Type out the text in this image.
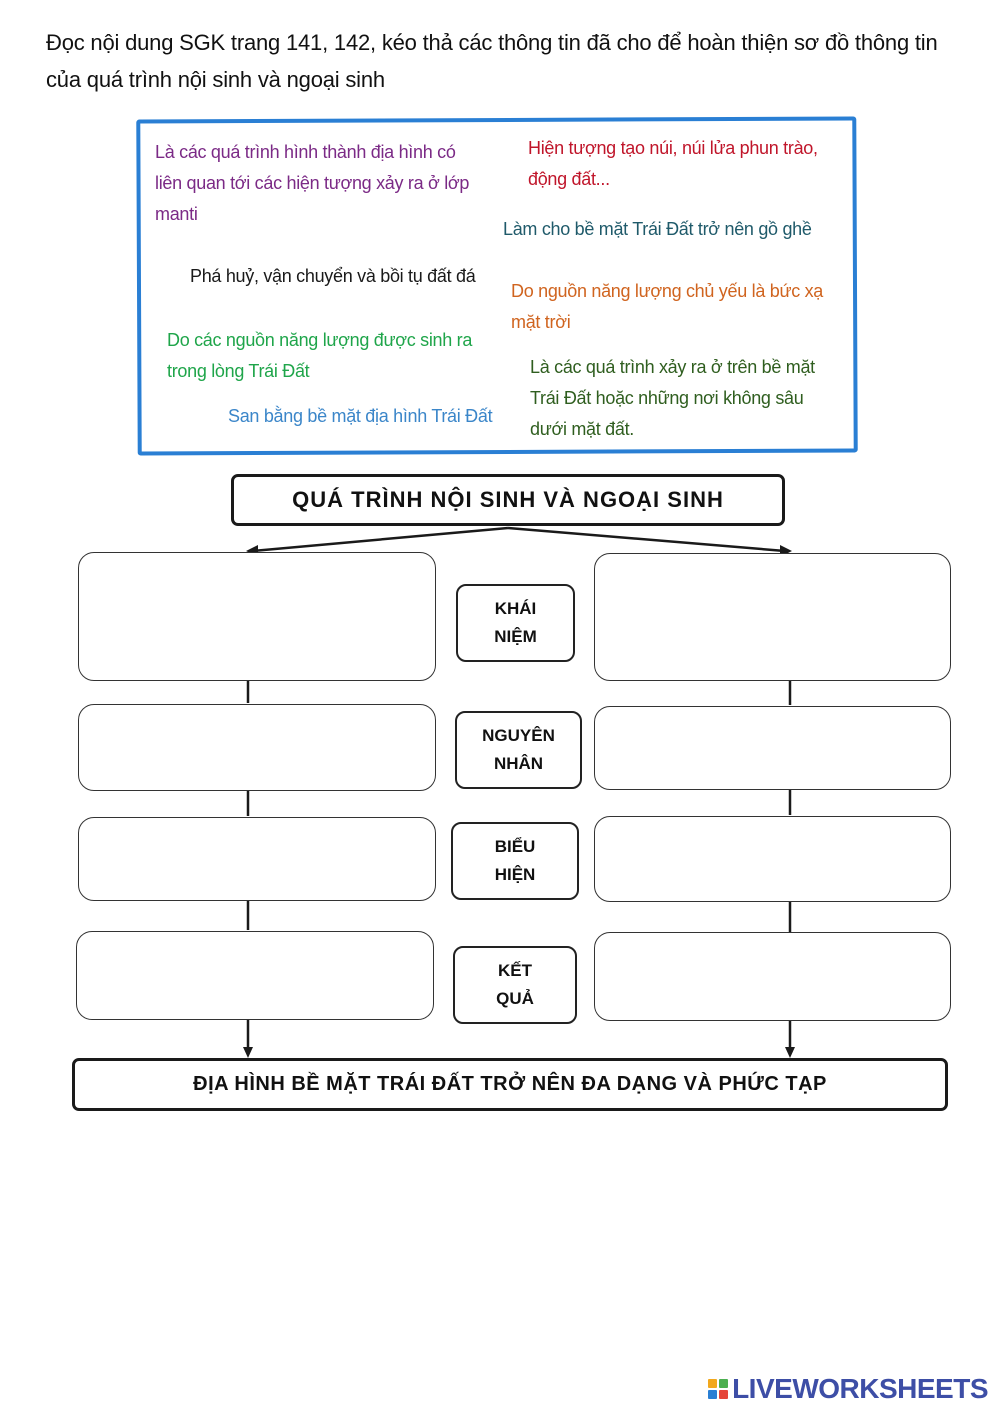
Đọc nội dung SGK trang 141, 142, kéo thả các thông tin đã cho để hoàn thiện sơ đồ thông tin của quá trình nội sinh và ngoại sinh
Là các quá trình hình thành địa hình có liên quan tới các hiện tượng xảy ra ở lớp manti
Hiện tượng tạo núi, núi lửa phun trào, động đất...
Làm cho bề mặt Trái Đất trở nên gồ ghề
Phá huỷ, vận chuyển và bồi tụ đất đá
Do nguồn năng lượng chủ yếu là bức xạ mặt trời
Do các nguồn năng lượng được sinh ra trong lòng Trái Đất	Là các quá trình xảy ra ở trên bề mặt Trái Đất hoặc những nơi không sâu dưới mặt đất.
San bằng bề mặt địa hình Trái Đất
QUÁ TRÌNH NỘI SINH VÀ NGOẠI SINH
KHÁI
NIỆM
NGUYÊN
NHÂN
BIỂU
HIỆN
KẾT
QUẢ
ĐỊA HÌNH BỀ MẶT TRÁI ĐẤT TRỞ NÊN ĐA DẠNG VÀ PHỨC TẠP
LIVEWORKSHEETS
